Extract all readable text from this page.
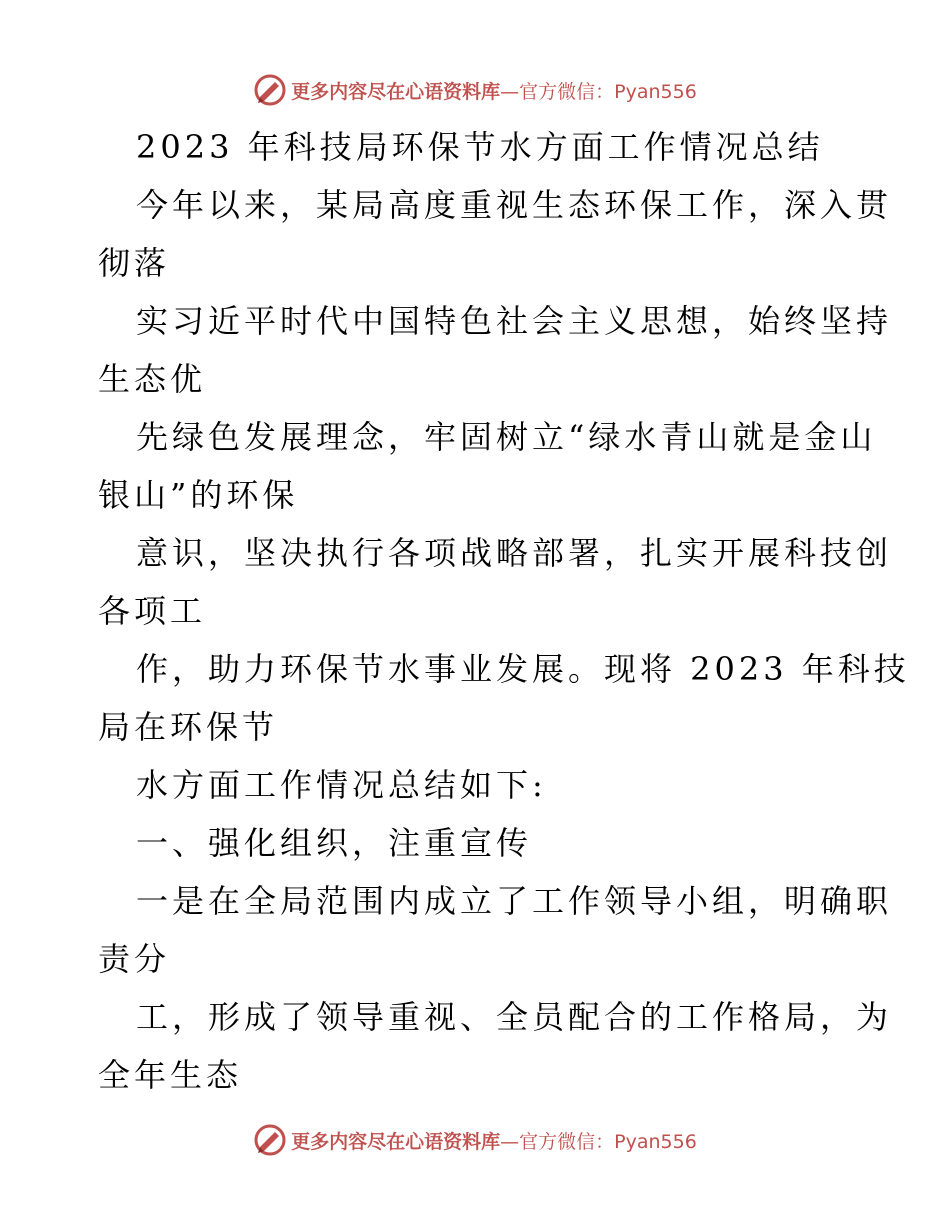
更多内容尽在心语资料库 —官方微信：Pyan556
2023 年科技局环保节水方面工作情况总结
今年以来，某局高度重视生态环保工作，深入贯
彻落
实习近平时代中国特色社会主义思想，始终坚持
生态优
先绿色发展理念，牢固树立“绿水青山就是金山
银山”的环保
意识，坚决执行各项战略部署，扎实开展科技创
各项工
作，助力环保节水事业发展。现将 2023 年科技
局在环保节
水方面工作情况总结如下:
一、强化组织，注重宣传
一是在全局范围内成立了工作领导小组，明确职
责分
工，形成了领导重视、全员配合的工作格局，为
全年生态
更多内容尽在心语资料库 —官方微信：Pyan556
